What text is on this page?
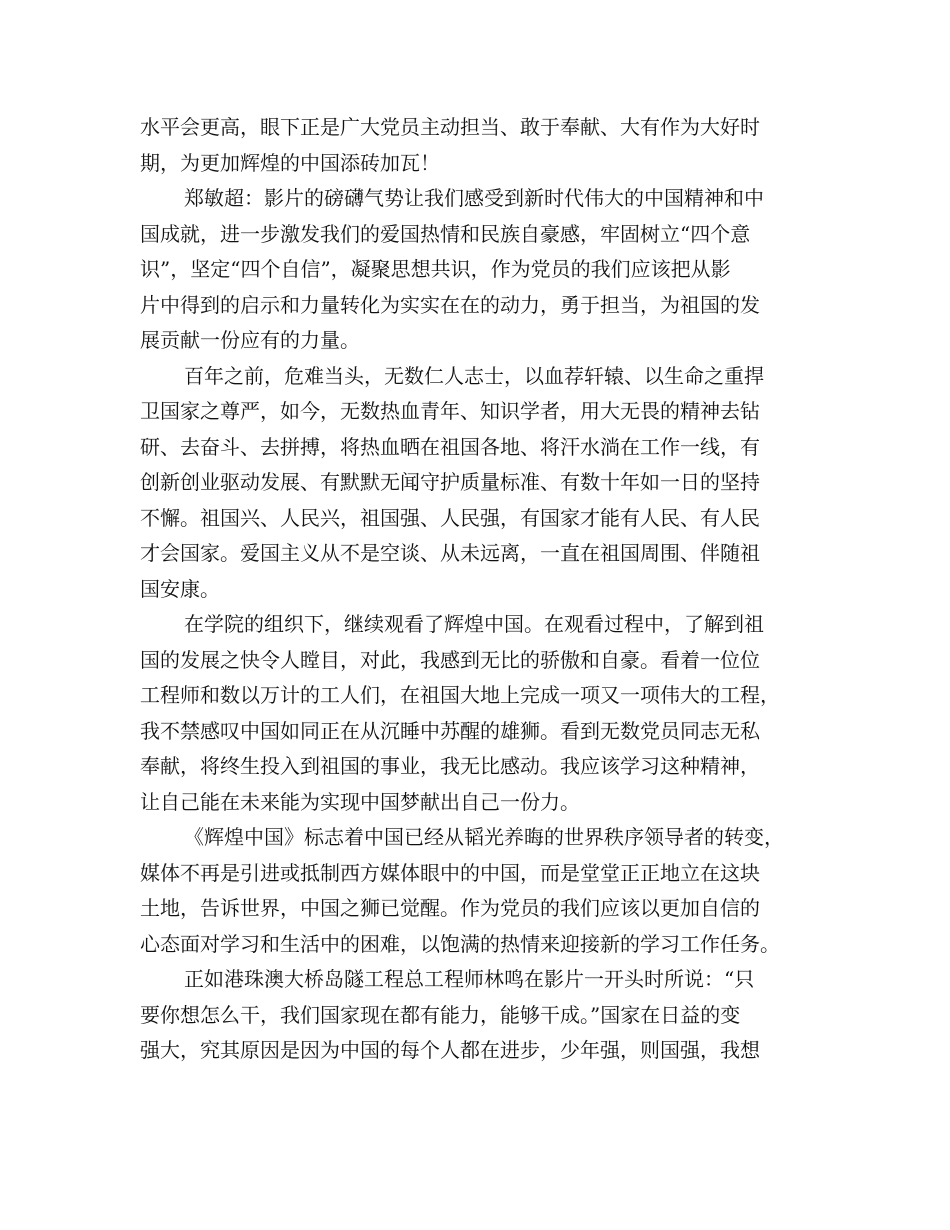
水平会更高，眼下正是广大党员主动担当、敢于奉献、大有作为大好时
期，为更加辉煌的中国添砖加瓦！
郑敏超：影片的磅礴气势让我们感受到新时代伟大的中国精神和中
国成就，进一步激发我们的爱国热情和民族自豪感，牢固树立“四个意
识”，坚定“四个自信”，凝聚思想共识，作为党员的我们应该把从影
片中得到的启示和力量转化为实实在在的动力，勇于担当，为祖国的发
展贡献一份应有的力量。
百年之前，危难当头，无数仁人志士，以血荐轩辕、以生命之重捍
卫国家之尊严，如今，无数热血青年、知识学者，用大无畏的精神去钻
研、去奋斗、去拼搏，将热血晒在祖国各地、将汗水淌在工作一线，有
创新创业驱动发展、有默默无闻守护质量标准、有数十年如一日的坚持
不懈。祖国兴、人民兴，祖国强、人民强，有国家才能有人民、有人民
才会国家。爱国主义从不是空谈、从未远离，一直在祖国周围、伴随祖
国安康。
在学院的组织下，继续观看了辉煌中国。在观看过程中，了解到祖
国的发展之快令人瞠目，对此，我感到无比的骄傲和自豪。看着一位位
工程师和数以万计的工人们，在祖国大地上完成一项又一项伟大的工程，
我不禁感叹中国如同正在从沉睡中苏醒的雄狮。看到无数党员同志无私
奉献，将终生投入到祖国的事业，我无比感动。我应该学习这种精神，
让自己能在未来能为实现中国梦献出自己一份力。
《辉煌中国》标志着中国已经从韬光养晦的世界秩序领导者的转变，
媒体不再是引进或抵制西方媒体眼中的中国，而是堂堂正正地立在这块
土地，告诉世界，中国之狮已觉醒。作为党员的我们应该以更加自信的
心态面对学习和生活中的困难，以饱满的热情来迎接新的学习工作任务。
正如港珠澳大桥岛隧工程总工程师林鸣在影片一开头时所说：“只
要你想怎么干，我们国家现在都有能力，能够干成。”国家在日益的变
强大，究其原因是因为中国的每个人都在进步，少年强，则国强，我想
